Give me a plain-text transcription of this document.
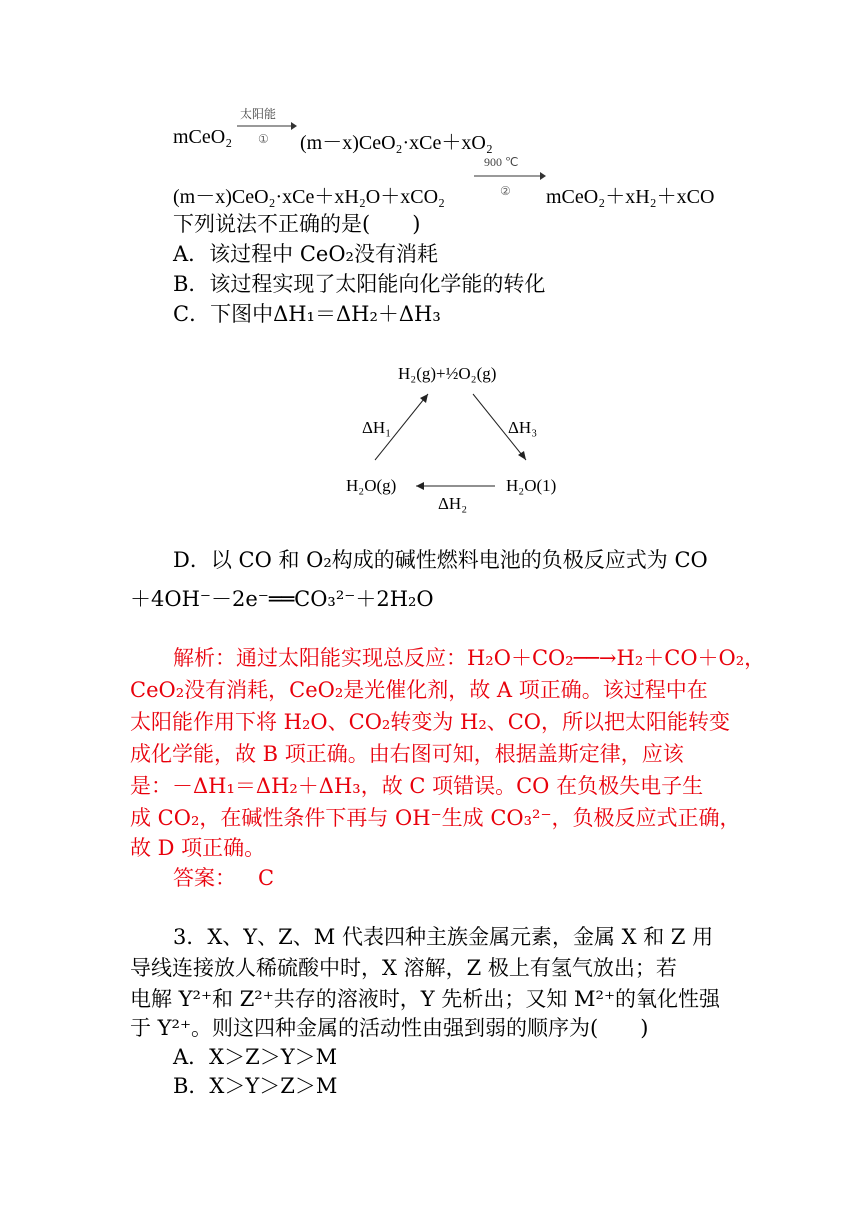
mCeO₂
太阳能
① (m－x)CeO₂·xCe＋xO₂
(m－x)CeO₂·xCe＋xH₂O＋xCO₂
900 ℃
② mCeO₂＋xH₂＋xCO
下列说法不正确的是(　　)
A．该过程中 CeO₂没有消耗
B．该过程实现了太阳能向化学能的转化
C．下图中ΔH₁＝ΔH₂＋ΔH₃
H₂(g)+½O₂(g)
ΔH₁	ΔH₃
H₂O(g)	H₂O(1)
ΔH₂
D．以 CO 和 O₂构成的碱性燃料电池的负极反应式为 CO
＋4OH⁻－2e⁻══CO₃²⁻＋2H₂O
解析：通过太阳能实现总反应：H₂O＋CO₂──→H₂＋CO＋O₂，
CeO₂没有消耗，CeO₂是光催化剂，故 A 项正确。该过程中在
太阳能作用下将 H₂O、CO₂转变为 H₂、CO，所以把太阳能转变
成化学能，故 B 项正确。由右图可知，根据盖斯定律，应该
是：－ΔH₁＝ΔH₂＋ΔH₃，故 C 项错误。CO 在负极失电子生
成 CO₂，在碱性条件下再与 OH⁻生成 CO₃²⁻，负极反应式正确，
故 D 项正确。
答案： C
3．X、Y、Z、M 代表四种主族金属元素，金属 X 和 Z 用
导线连接放人稀硫酸中时，X 溶解，Z 极上有氢气放出；若
电解 Y²⁺和 Z²⁺共存的溶液时，Y 先析出；又知 M²⁺的氧化性强
于 Y²⁺。则这四种金属的活动性由强到弱的顺序为(　　)
A．X＞Z＞Y＞M
B．X＞Y＞Z＞M
